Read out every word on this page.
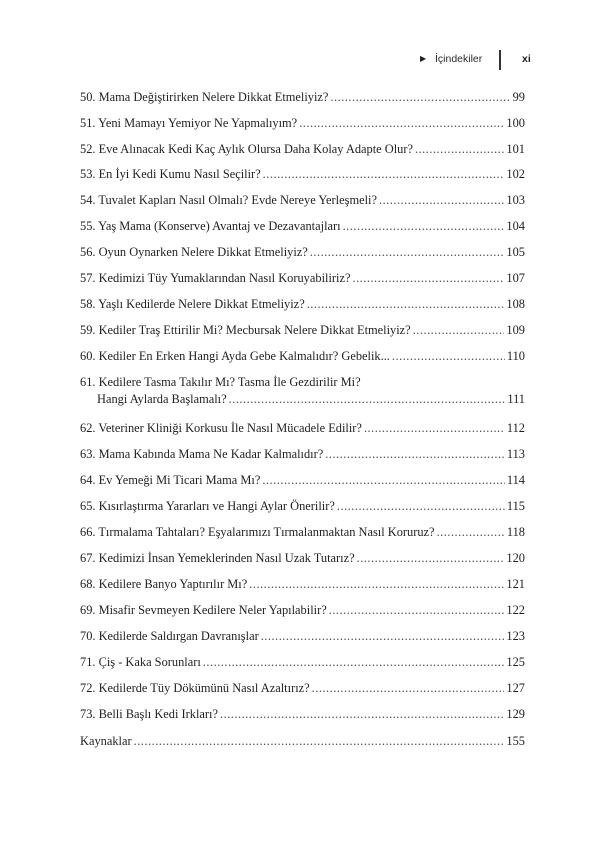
▶ İçindekiler	xi
50. Mama Değiştirirken Nelere Dikkat Etmeliyiz? .....	99
51. Yeni Mamayı Yemiyor Ne Yapmalıyım? .....	100
52. Eve Alınacak Kedi Kaç Aylık Olursa Daha Kolay Adapte Olur? .....	101
53. En İyi Kedi Kumu Nasıl Seçilir? .....	102
54. Tuvalet Kapları Nasıl Olmalı? Evde Nereye Yerleşmeli? .....	103
55. Yaş Mama (Konserve) Avantaj ve Dezavantajları .....	104
56. Oyun Oynarken Nelere Dikkat Etmeliyiz? .....	105
57. Kedimizi Tüy Yumaklarından Nasıl Koruyabiliriz? .....	107
58. Yaşlı Kedilerde Nelere Dikkat Etmeliyiz? .....	108
59. Kediler Traş Ettirilir Mi? Mecbursak Nelere Dikkat Etmeliyiz? .....	109
60. Kediler En Erken Hangi Ayda Gebe Kalmalıdır? Gebelik... .....	110
61. Kedilere Tasma Takılır Mı? Tasma İle Gezdirilir Mi?
Hangi Aylarda Başlamalı? .....	111
62. Veteriner Kliniği Korkusu İle Nasıl Mücadele Edilir? .....	112
63. Mama Kabında Mama Ne Kadar Kalmalıdır? .....	113
64. Ev Yemeği Mi Ticari Mama Mı? .....	114
65. Kısırlaştırma Yararları ve Hangi Aylar Önerilir? .....	115
66. Tırmalama Tahtaları? Eşyalarımızı Tırmalanmaktan Nasıl Koruruz? .....	118
67. Kedimizi İnsan Yemeklerinden Nasıl Uzak Tutarız? .....	120
68. Kedilere Banyo Yaptırılır Mı? .....	121
69. Misafir Sevmeyen Kedilere Neler Yapılabilir? .....	122
70. Kedilerde Saldırgan Davranışlar .....	123
71. Çiş - Kaka Sorunları .....	125
72. Kedilerde Tüy Dökümünü Nasıl Azaltırız? .....	127
73. Belli Başlı Kedi Irkları? .....	129
Kaynaklar .....	155
